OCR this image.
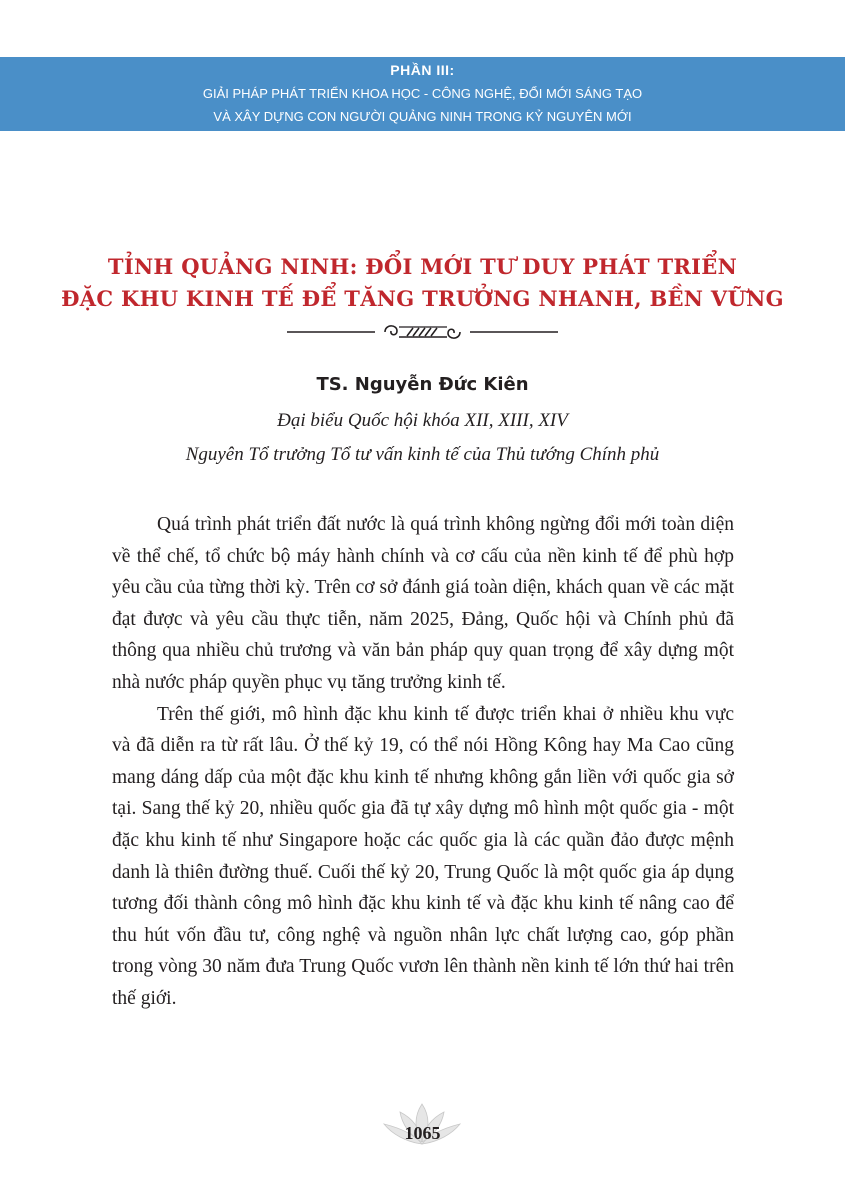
PHẦN III:
GIẢI PHÁP PHÁT TRIỂN KHOA HỌC - CÔNG NGHỆ, ĐỔI MỚI SÁNG TẠO
VÀ XÂY DỰNG CON NGƯỜI QUẢNG NINH TRONG KỶ NGUYÊN MỚI
TỈNH QUẢNG NINH: ĐỔI MỚI TƯ DUY PHÁT TRIỂN
ĐẶC KHU KINH TẾ ĐỂ TĂNG TRƯỞNG NHANH, BỀN VỮNG
TS. Nguyễn Đức Kiên
Đại biểu Quốc hội khóa XII, XIII, XIV
Nguyên Tổ trưởng Tổ tư vấn kinh tế của Thủ tướng Chính phủ

Quá trình phát triển đất nước là quá trình không ngừng đổi mới toàn diện về thể chế, tổ chức bộ máy hành chính và cơ cấu của nền kinh tế để phù hợp yêu cầu của từng thời kỳ. Trên cơ sở đánh giá toàn diện, khách quan về các mặt đạt được và yêu cầu thực tiễn, năm 2025, Đảng, Quốc hội và Chính phủ đã thông qua nhiều chủ trương và văn bản pháp quy quan trọng để xây dựng một nhà nước pháp quyền phục vụ tăng trưởng kinh tế.

Trên thế giới, mô hình đặc khu kinh tế được triển khai ở nhiều khu vực và đã diễn ra từ rất lâu. Ở thế kỷ 19, có thể nói Hồng Kông hay Ma Cao cũng mang dáng dấp của một đặc khu kinh tế nhưng không gắn liền với quốc gia sở tại. Sang thế kỷ 20, nhiều quốc gia đã tự xây dựng mô hình một quốc gia - một đặc khu kinh tế như Singapore hoặc các quốc gia là các quần đảo được mệnh danh là thiên đường thuế. Cuối thế kỷ 20, Trung Quốc là một quốc gia áp dụng tương đối thành công mô hình đặc khu kinh tế và đặc khu kinh tế nâng cao để thu hút vốn đầu tư, công nghệ và nguồn nhân lực chất lượng cao, góp phần trong vòng 30 năm đưa Trung Quốc vươn lên thành nền kinh tế lớn thứ hai trên thế giới.

1065
